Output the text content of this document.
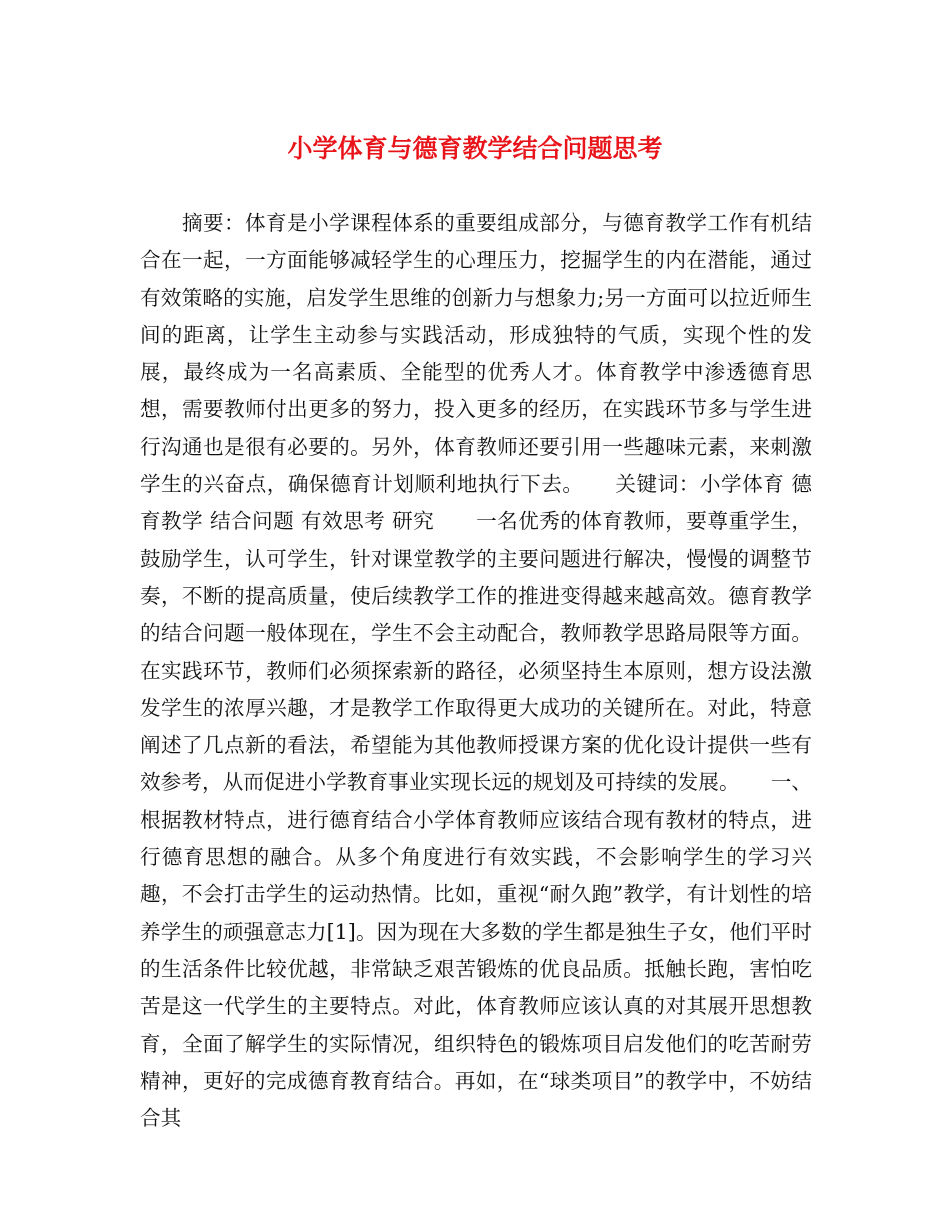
小学体育与德育教学结合问题思考

摘要：体育是小学课程体系的重要组成部分，与德育教学工作有机结合在一起，一方面能够减轻学生的心理压力，挖掘学生的内在潜能，通过有效策略的实施，启发学生思维的创新力与想象力;另一方面可以拉近师生间的距离，让学生主动参与实践活动，形成独特的气质，实现个性的发展，最终成为一名高素质、全能型的优秀人才。体育教学中渗透德育思想，需要教师付出更多的努力，投入更多的经历，在实践环节多与学生进行沟通也是很有必要的。另外，体育教师还要引用一些趣味元素，来刺激学生的兴奋点，确保德育计划顺利地执行下去。　　关键词：小学体育 德育教学 结合问题 有效思考 研究　　一名优秀的体育教师，要尊重学生，鼓励学生，认可学生，针对课堂教学的主要问题进行解决，慢慢的调整节奏，不断的提高质量，使后续教学工作的推进变得越来越高效。德育教学的结合问题一般体现在，学生不会主动配合，教师教学思路局限等方面。在实践环节，教师们必须探索新的路径，必须坚持生本原则，想方设法激发学生的浓厚兴趣，才是教学工作取得更大成功的关键所在。对此，特意阐述了几点新的看法，希望能为其他教师授课方案的优化设计提供一些有效参考，从而促进小学教育事业实现长远的规划及可持续的发展。　　一、根据教材特点，进行德育结合小学体育教师应该结合现有教材的特点，进行德育思想的融合。从多个角度进行有效实践，不会影响学生的学习兴趣，不会打击学生的运动热情。比如，重视“耐久跑”教学，有计划性的培养学生的顽强意志力[1]。因为现在大多数的学生都是独生子女，他们平时的生活条件比较优越，非常缺乏艰苦锻炼的优良品质。抵触长跑，害怕吃苦是这一代学生的主要特点。对此，体育教师应该认真的对其展开思想教育，全面了解学生的实际情况，组织特色的锻炼项目启发他们的吃苦耐劳精神，更好的完成德育教育结合。再如，在“球类项目”的教学中，不妨结合其
